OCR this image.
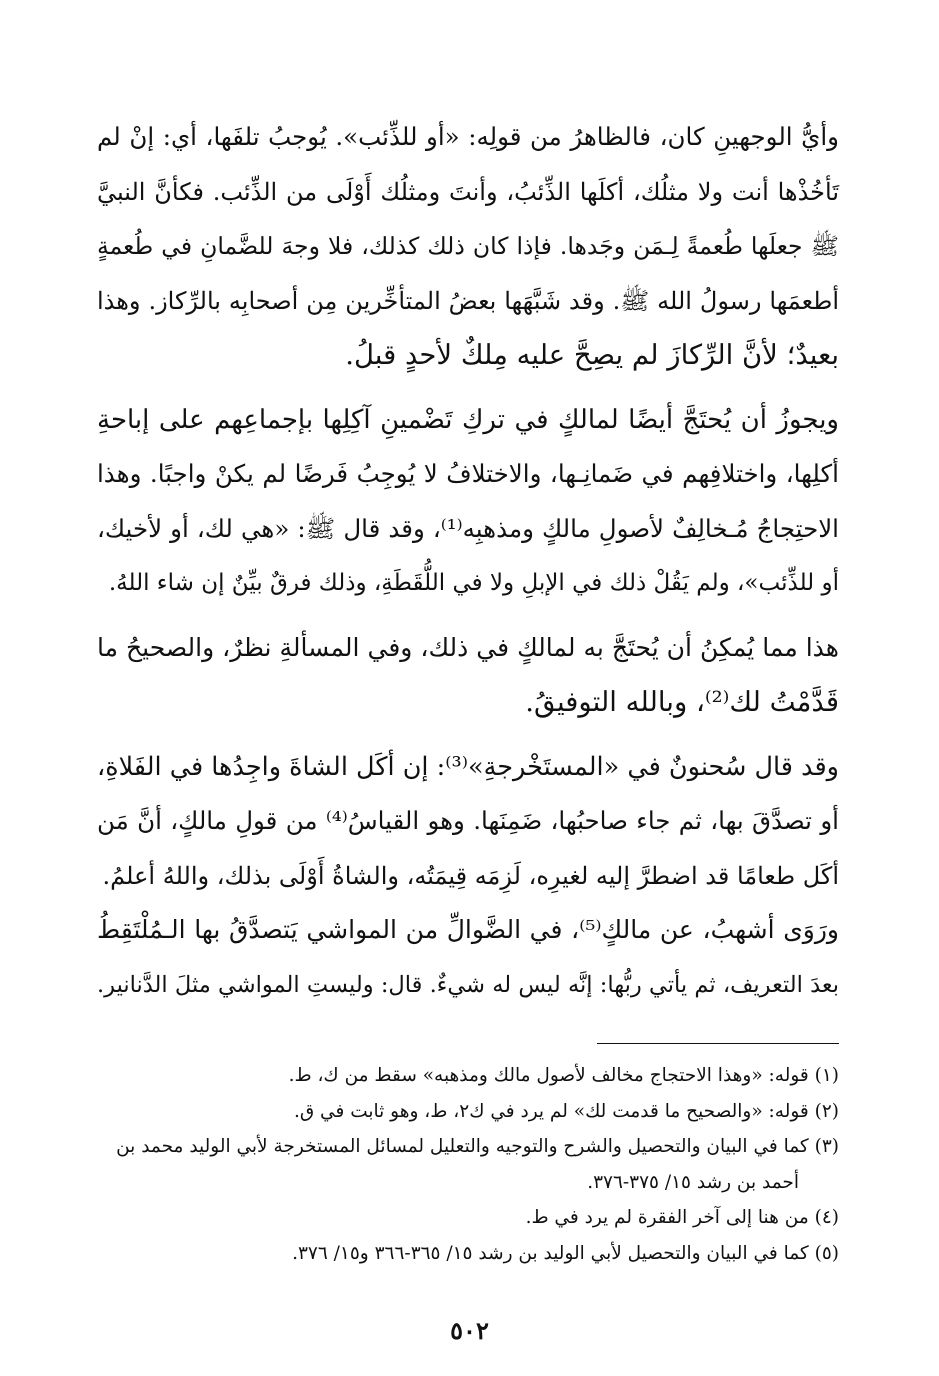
وأيُّ الوجهينِ كان، فالظاهرُ من قولِه: «أو للذِّئب». يُوجبُ تلفَها، أي: إنْ لم
تَأخُذْها أنت ولا مثلُك، أكلَها الذِّئبُ، وأنتَ ومثلُك أَوْلَى من الذِّئب. فكأنَّ النبيَّ
ﷺ جعلَها طُعمةً لِـمَن وجَدها. فإذا كان ذلك كذلك، فلا وجهَ للضَّمانِ في طُعمةٍ
أطعمَها رسولُ الله ﷺ. وقد شَبَّهَها بعضُ المتأخِّرين مِن أصحابِه بالرِّكاز. وهذا
بعيدٌ؛ لأنَّ الرِّكازَ لم يصِحَّ عليه مِلكٌ لأحدٍ قبلُ.

ويجوزُ أن يُحتَجَّ أيضًا لمالكٍ في تركِ تَضْمينِ آكِلِها بإجماعِهم على إباحةِ
أكلِها، واختلافِهم في ضَمانِـها، والاختلافُ لا يُوجِبُ فَرضًا لم يكنْ واجبًا. وهذا
الاحتِجاجُ مُـخالِفٌ لأصولِ مالكٍ ومذهبِه⁽¹⁾، وقد قال ﷺ: «هي لك، أو لأخيك،
أو للذِّئب»، ولم يَقُلْ ذلك في الإبلِ ولا في اللُّقَطَةِ، وذلك فرقٌ بيِّنٌ إن شاء اللهُ.

هذا مما يُمكِنُ أن يُحتَجَّ به لمالكٍ في ذلك، وفي المسألةِ نظرٌ، والصحيحُ ما
قَدَّمْتُ لك⁽²⁾، وبالله التوفيقُ.

وقد قال سُحنونٌ في «المستَخْرجةِ»⁽³⁾: إن أكَل الشاةَ واجِدُها في الفَلاةِ،
أو تصدَّقَ بها، ثم جاء صاحبُها، ضَمِنَها. وهو القياسُ⁽⁴⁾ من قولِ مالكٍ، أنَّ مَن
أكَل طعامًا قد اضطرَّ إليه لغيرِه، لَزِمَه قِيمَتُه، والشاةُ أَوْلَى بذلك، واللهُ أعلمُ.

ورَوَى أشهبُ، عن مالكٍ⁽⁵⁾، في الضَّوالِّ من المواشي يَتصدَّقُ بها الـمُلْتَقِطُ
بعدَ التعريف، ثم يأتي ربُّها: إنَّه ليس له شيءٌ. قال: وليستِ المواشي مثلَ الدَّنانير.

(١) قوله: «وهذا الاحتجاج مخالف لأصول مالك ومذهبه» سقط من ك، ط.
(٢) قوله: «والصحيح ما قدمت لك» لم يرد في ك٢، ط، وهو ثابت في ق.
(٣) كما في البيان والتحصيل والشرح والتوجيه والتعليل لمسائل المستخرجة لأبي الوليد محمد بن
أحمد بن رشد ١٥/ ٣٧٥-٣٧٦.
(٤) من هنا إلى آخر الفقرة لم يرد في ط.
(٥) كما في البيان والتحصيل لأبي الوليد بن رشد ١٥/ ٣٦٥-٣٦٦ و١٥/ ٣٧٦.
٥٠٢
